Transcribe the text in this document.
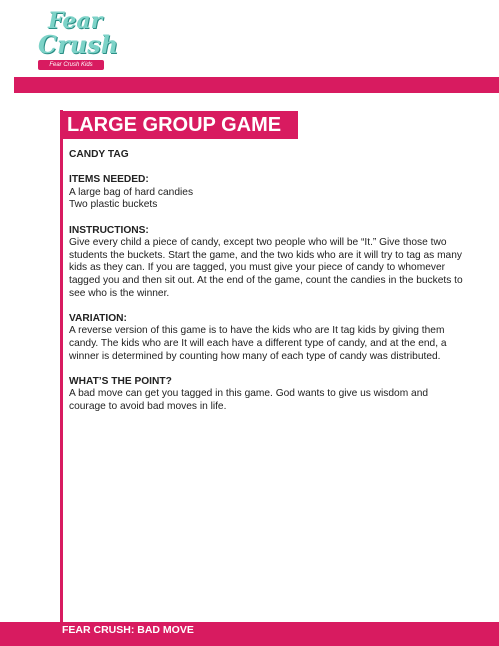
Fear
Crush
Fear Crush Kids
LARGE GROUP GAME
CANDY TAG
ITEMS NEEDED:

A large bag of hard candies

Two plastic buckets

INSTRUCTIONS:

Give every child a piece of candy, except two people who will be “It.” Give those two students the buckets. Start the game, and the two kids who are it will try to tag as many kids as they can. If you are tagged, you must give your piece of candy to whomever tagged you and then sit out. At the end of the game, count the candies in the buckets to see who is the winner.

VARIATION:

A reverse version of this game is to have the kids who are It tag kids by giving them candy. The kids who are It will each have a different type of candy, and at the end, a winner is determined by counting how many of each type of candy was distributed.

WHAT’S THE POINT?

A bad move can get you tagged in this game. God wants to give us wisdom and courage to avoid bad moves in life.

FEAR CRUSH: BAD MOVE
